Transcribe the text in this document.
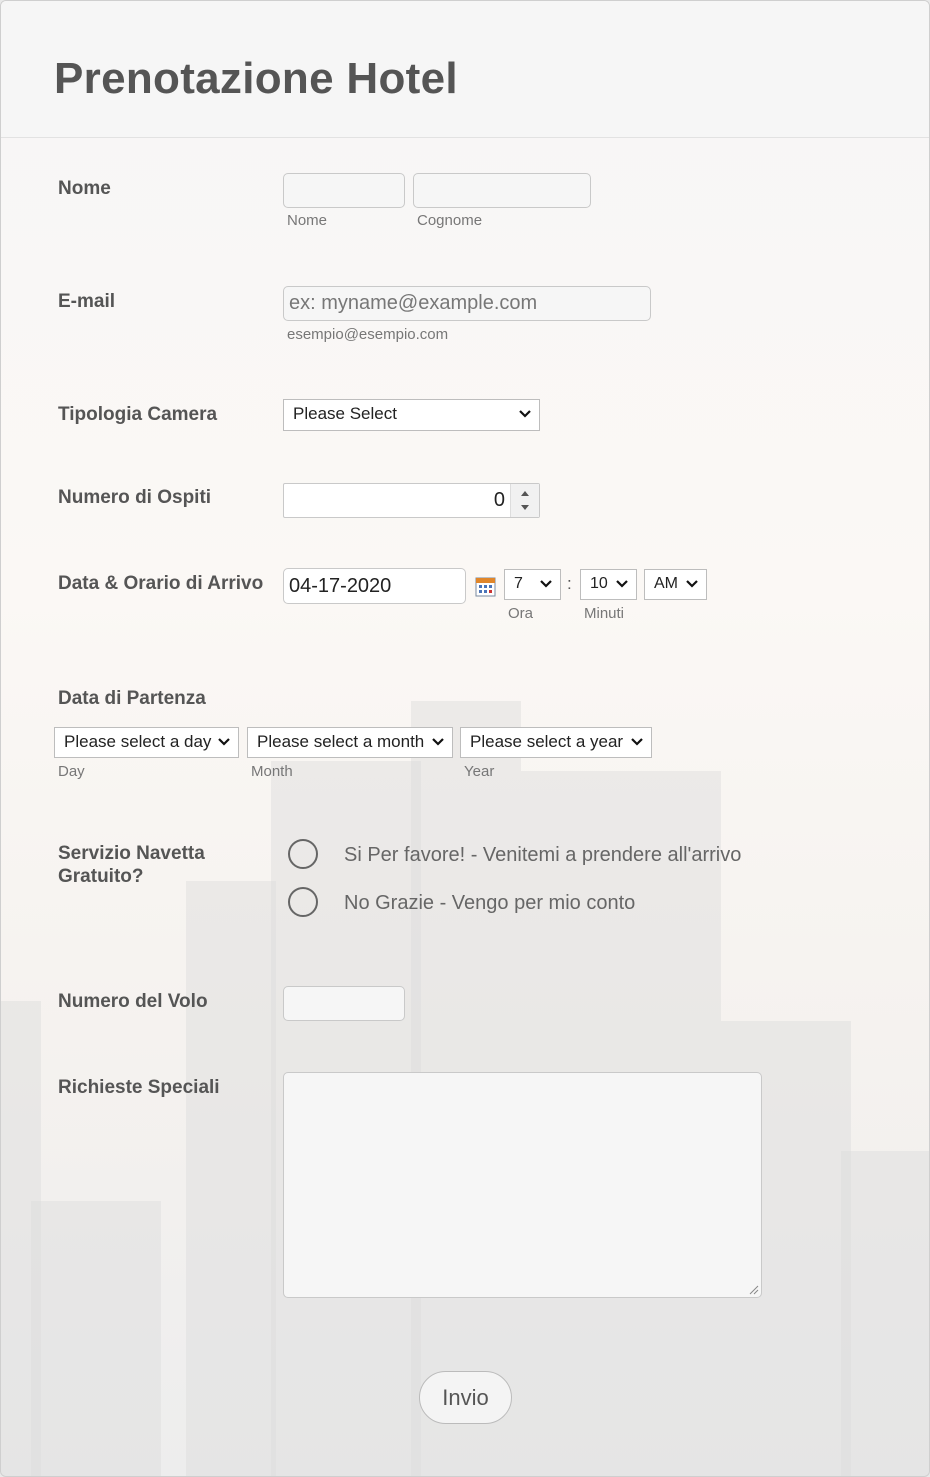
Prenotazione Hotel
Nome
Nome	Cognome
E-mail	ex: myname@example.com
esempio@esempio.com
Tipologia Camera	Please Select
Numero di Ospiti	0
Data & Orario di Arrivo	04-17-2020	7	:	10	AM
Ora	Minuti
Data di Partenza
Please select a day	Please select a month	Please select a year
Day	Month	Year
Servizio Navetta
Gratuito?
Si Per favore! - Venitemi a prendere all'arrivo
No Grazie - Vengo per mio conto
Numero del Volo
Richieste Speciali
Invio
